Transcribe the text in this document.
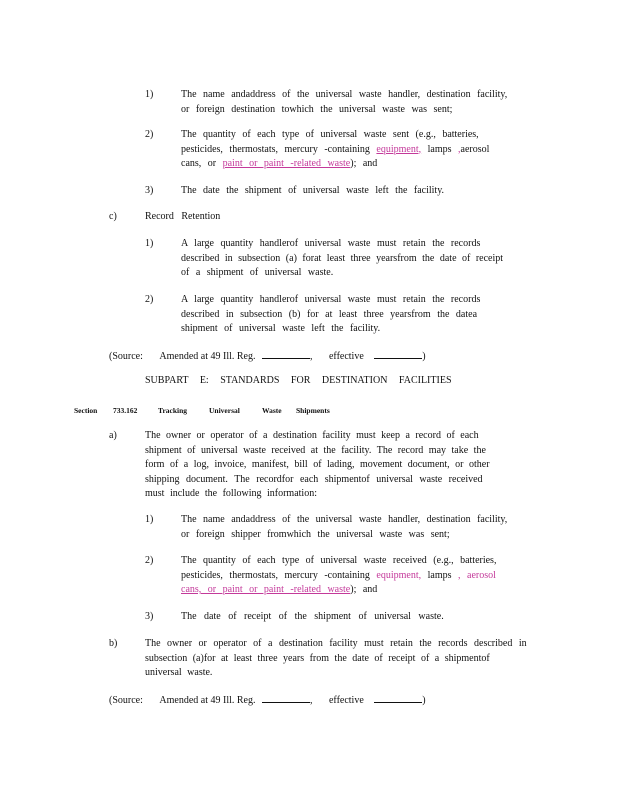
1)	The name andaddress of the universal waste handler, destination facility,
or foreign destination towhich the universal waste was sent;
2)	The quantity of each type of universal waste sent (e.g., batteries,
pesticides, thermostats, mercury -containing equipment, lamps ,aerosol
cans, or paint or paint -related waste); and
3)	The date the shipment of universal waste left the facility.
c)	Record Retention
1)	A large quantity handlerof universal waste must retain the records
described in subsection (a) forat least three yearsfrom the date of receipt
of a shipment of universal waste.
2)	A large quantity handlerof universal waste must retain the records
described in subsection (b) for at least three yearsfrom the datea
shipment of universal waste left the facility.
(Source: Amended at 49 Ill. Reg.	, effective	)
SUBPART E: STANDARDS FOR DESTINATION FACILITIES
Section 733.162	Tracking	Universal	Waste Shipments
a)	The owner or operator of a destination facility must keep a record of each
shipment of universal waste received at the facility. The record may take the
form of a log, invoice, manifest, bill of lading, movement document, or other
shipping document. The recordfor each shipmentof universal waste received
must include the following information:
1)	The name andaddress of the universal waste handler, destination facility,
or foreign shipper fromwhich the universal waste was sent;
2)	The quantity of each type of universal waste received (e.g., batteries,
pesticides, thermostats, mercury -containing equipment, lamps , aerosol
cans, or paint or paint -related waste); and
3)	The date of receipt of the shipment of universal waste.
b)	The owner or operator of a destination facility must retain the records described in
subsection (a)for at least three years from the date of receipt of a shipmentof
universal waste.
(Source: Amended at 49 Ill. Reg.	, effective	)
